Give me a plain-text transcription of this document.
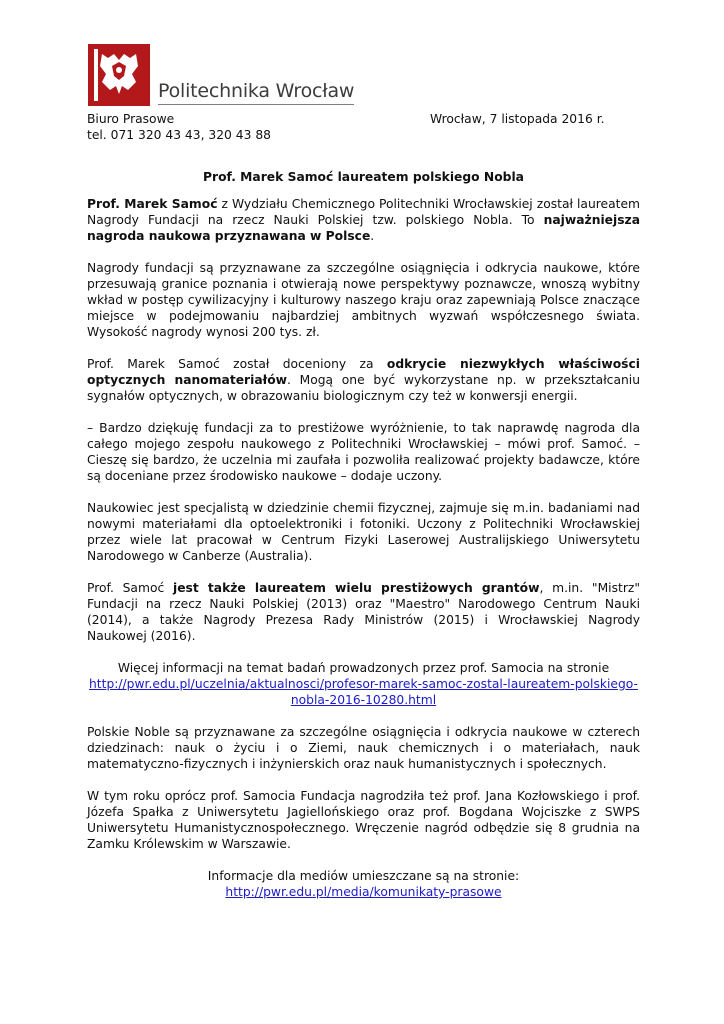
Politechnika Wrocław
Biuro Prasowe
tel. 071 320 43 43, 320 43 88
Wrocław, 7 listopada 2016 r.
Prof. Marek Samoć laureatem polskiego Nobla

Prof. Marek Samoć z Wydziału Chemicznego Politechniki Wrocławskiej został laureatem Nagrody Fundacji na rzecz Nauki Polskiej tzw. polskiego Nobla. To najważniejsza nagroda naukowa przyznawana w Polsce.

Nagrody fundacji są przyznawane za szczególne osiągnięcia i odkrycia naukowe, które przesuwają granice poznania i otwierają nowe perspektywy poznawcze, wnoszą wybitny wkład w postęp cywilizacyjny i kulturowy naszego kraju oraz zapewniają Polsce znaczące miejsce w podejmowaniu najbardziej ambitnych wyzwań współczesnego świata. Wysokość nagrody wynosi 200 tys. zł.

Prof. Marek Samoć został doceniony za odkrycie niezwykłych właściwości optycznych nanomateriałów. Mogą one być wykorzystane np. w przekształcaniu sygnałów optycznych, w obrazowaniu biologicznym czy też w konwersji energii.

– Bardzo dziękuję fundacji za to prestiżowe wyróżnienie, to tak naprawdę nagroda dla całego mojego zespołu naukowego z Politechniki Wrocławskiej – mówi prof. Samoć. – Cieszę się bardzo, że uczelnia mi zaufała i pozwoliła realizować projekty badawcze, które są doceniane przez środowisko naukowe – dodaje uczony.

Naukowiec jest specjalistą w dziedzinie chemii fizycznej, zajmuje się m.in. badaniami nad nowymi materiałami dla optoelektroniki i fotoniki. Uczony z Politechniki Wrocławskiej przez wiele lat pracował w Centrum Fizyki Laserowej Australijskiego Uniwersytetu Narodowego w Canberze (Australia).

Prof. Samoć jest także laureatem wielu prestiżowych grantów, m.in. "Mistrz" Fundacji na rzecz Nauki Polskiej (2013) oraz "Maestro" Narodowego Centrum Nauki (2014), a także Nagrody Prezesa Rady Ministrów (2015) i Wrocławskiej Nagrody Naukowej (2016).

Więcej informacji na temat badań prowadzonych przez prof. Samocia na stronie
http://pwr.edu.pl/uczelnia/aktualnosci/profesor-marek-samoc-zostal-laureatem-polskiego-nobla-2016-10280.html

Polskie Noble są przyznawane za szczególne osiągnięcia i odkrycia naukowe w czterech dziedzinach: nauk o życiu i o Ziemi, nauk chemicznych i o materiałach, nauk matematyczno-fizycznych i inżynierskich oraz nauk humanistycznych i społecznych.

W tym roku oprócz prof. Samocia Fundacja nagrodziła też prof. Jana Kozłowskiego i prof. Józefa Spałka z Uniwersytetu Jagiellońskiego oraz prof. Bogdana Wojciszke z SWPS Uniwersytetu Humanistycznospołecznego. Wręczenie nagród odbędzie się 8 grudnia na Zamku Królewskim w Warszawie.

Informacje dla mediów umieszczane są na stronie:
http://pwr.edu.pl/media/komunikaty-prasowe
